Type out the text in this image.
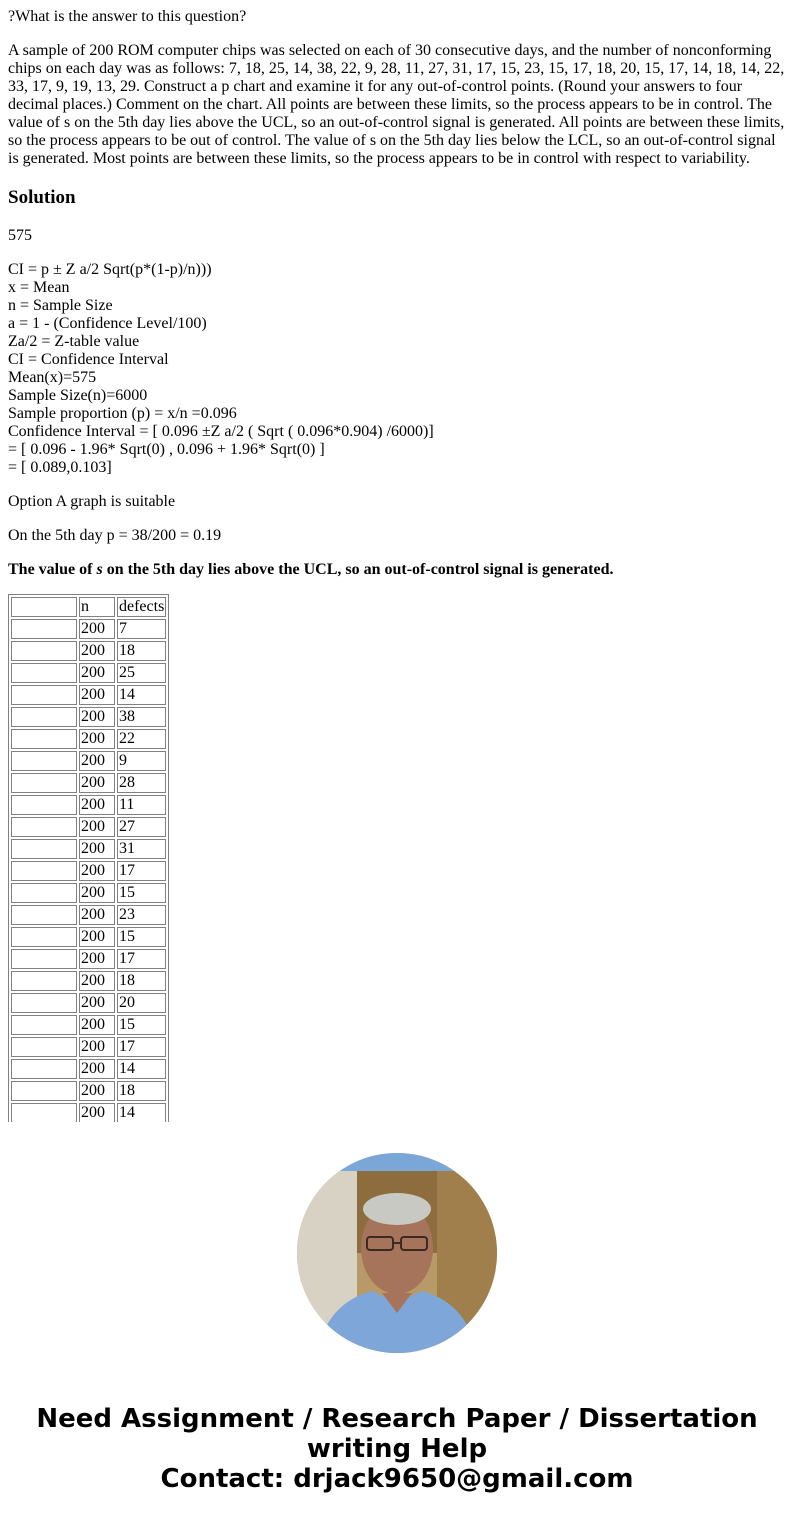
?What is the answer to this question?

A sample of 200 ROM computer chips was selected on each of 30 consecutive days, and the number of nonconforming chips on each day was as follows: 7, 18, 25, 14, 38, 22, 9, 28, 11, 27, 31, 17, 15, 23, 15, 17, 18, 20, 15, 17, 14, 18, 14, 22, 33, 17, 9, 19, 13, 29. Construct a p chart and examine it for any out-of-control points. (Round your answers to four decimal places.) Comment on the chart. All points are between these limits, so the process appears to be in control. The value of s on the 5th day lies above the UCL, so an out-of-control signal is generated. All points are between these limits, so the process appears to be out of control. The value of s on the 5th day lies below the LCL, so an out-of-control signal is generated. Most points are between these limits, so the process appears to be in control with respect to variability.

Solution

575

CI = p ± Z a/2 Sqrt(p*(1-p)/n)))
x = Mean
n = Sample Size
a = 1 - (Confidence Level/100)
Za/2 = Z-table value
CI = Confidence Interval
Mean(x)=575
Sample Size(n)=6000
Sample proportion (p) = x/n =0.096
Confidence Interval = [ 0.096 ±Z a/2 ( Sqrt ( 0.096*0.904) /6000)]
= [ 0.096 - 1.96* Sqrt(0) , 0.096 + 1.96* Sqrt(0) ]
= [ 0.089,0.103]

Option A graph is suitable

On the 5th day p = 38/200 = 0.19

The value of s on the 5th day lies above the UCL, so an out-of-control signal is generated.

	n	defects
	200	7
	200	18
	200	25
	200	14
	200	38
	200	22
	200	9
	200	28
	200	11
	200	27
	200	31
	200	17
	200	15
	200	23
	200	15
	200	17
	200	18
	200	20
	200	15
	200	17
	200	14
	200	18
	200	14
Need Assignment / Research Paper / Dissertation
writing Help
Contact: drjack9650@gmail.com
